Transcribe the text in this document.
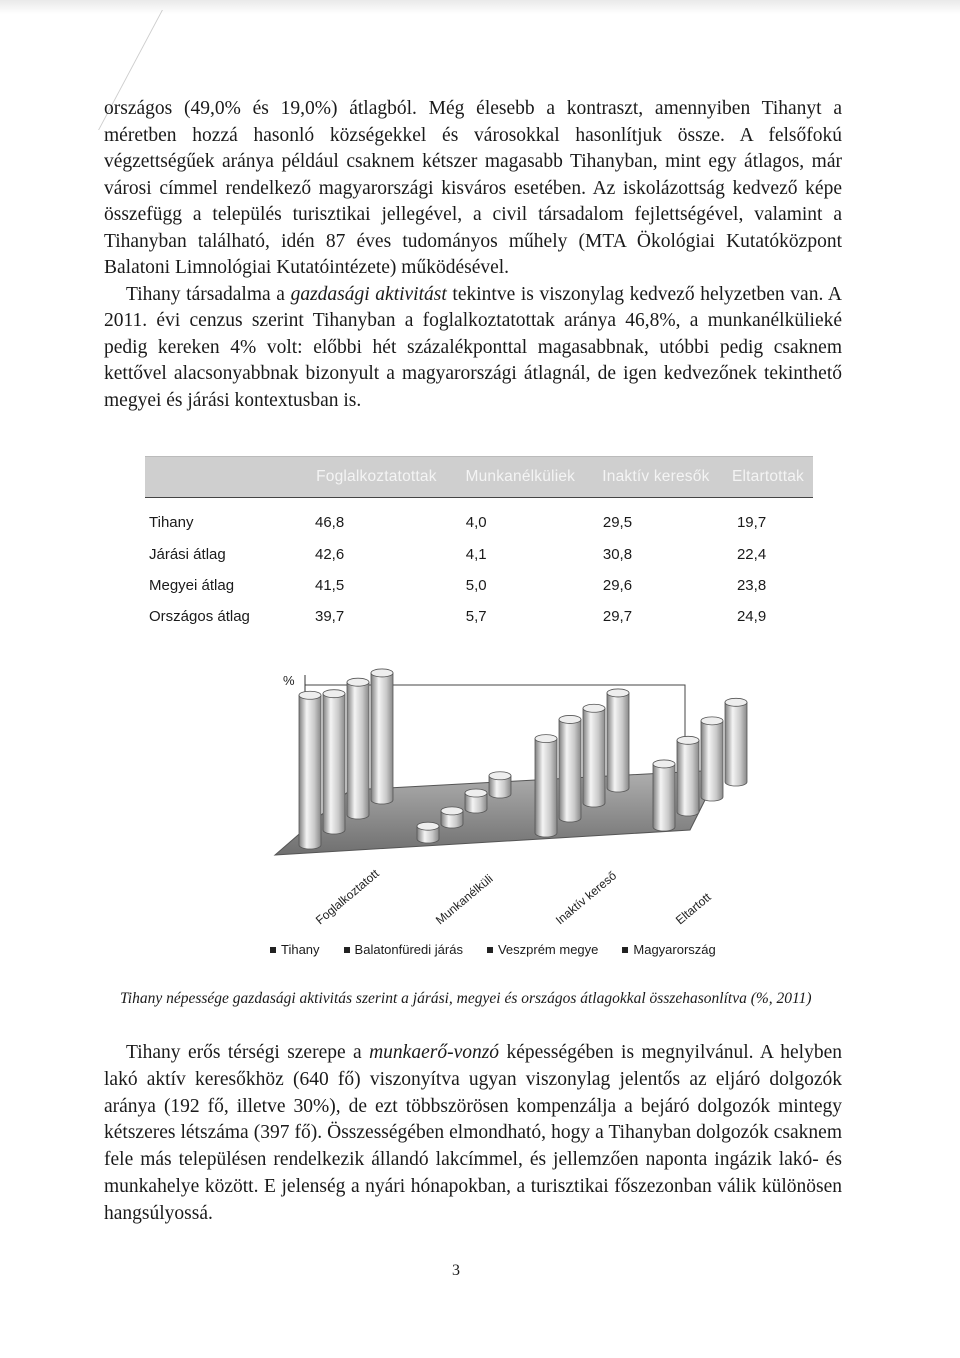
országos (49,0% és 19,0%) átlagból. Még élesebb a kontraszt, amennyiben Tihanyt a méretben hozzá hasonló községekkel és városokkal hasonlítjuk össze. A felsőfokú végzettségűek aránya például csaknem kétszer magasabb Tihanyban, mint egy átlagos, már városi címmel rendelkező magyarországi kisváros esetében. Az iskolázottság kedvező képe összefügg a település turisztikai jellegével, a civil társadalom fejlettségével, valamint a Tihanyban található, idén 87 éves tudományos műhely (MTA Ökológiai Kutatóközpont Balatoni Limnológiai Kutatóintézete) működésével.

Tihany társadalma a gazdasági aktivitást tekintve is viszonylag kedvező helyzetben van. A 2011. évi cenzus szerint Tihanyban a foglalkoztatottak aránya 46,8%, a munkanélkülieké pedig kereken 4% volt: előbbi hét százalékponttal magasabbnak, utóbbi pedig csaknem kettővel alacsonyabbnak bizonyult a magyarországi átlagnál, de igen kedvezőnek tekinthető megyei és járási kontextusban is.

	Foglalkoztatottak	Munkanélküliek	Inaktív keresők	Eltartottak
Tihany	46,8	4,0	29,5	19,7
Járási átlag	42,6	4,1	30,8	22,4
Megyei átlag	41,5	5,0	29,6	23,8
Országos átlag	39,7	5,7	29,7	24,9
%
Foglalkoztatott	Munkanélküli	Inaktív kereső	Eltartott
Tihany	Balatonfüredi járás	Veszprém megye	Magyarország
Tihany népessége gazdasági aktivitás szerint a járási, megyei és országos átlagokkal összehasonlítva (%, 2011)

Tihany erős térségi szerepe a munkaerő-vonzó képességében is megnyilvánul. A helyben lakó aktív keresőkhöz (640 fő) viszonyítva ugyan viszonylag jelentős az eljáró dolgozók aránya (192 fő, illetve 30%), de ezt többszörösen kompenzálja a bejáró dolgozók mintegy kétszeres létszáma (397 fő). Összességében elmondható, hogy a Tihanyban dolgozók csaknem fele más településen rendelkezik állandó lakcímmel, és jellemzően naponta ingázik lakó- és munkahelye között. E jelenség a nyári hónapokban, a turisztikai főszezonban válik különösen hangsúlyossá.

3
